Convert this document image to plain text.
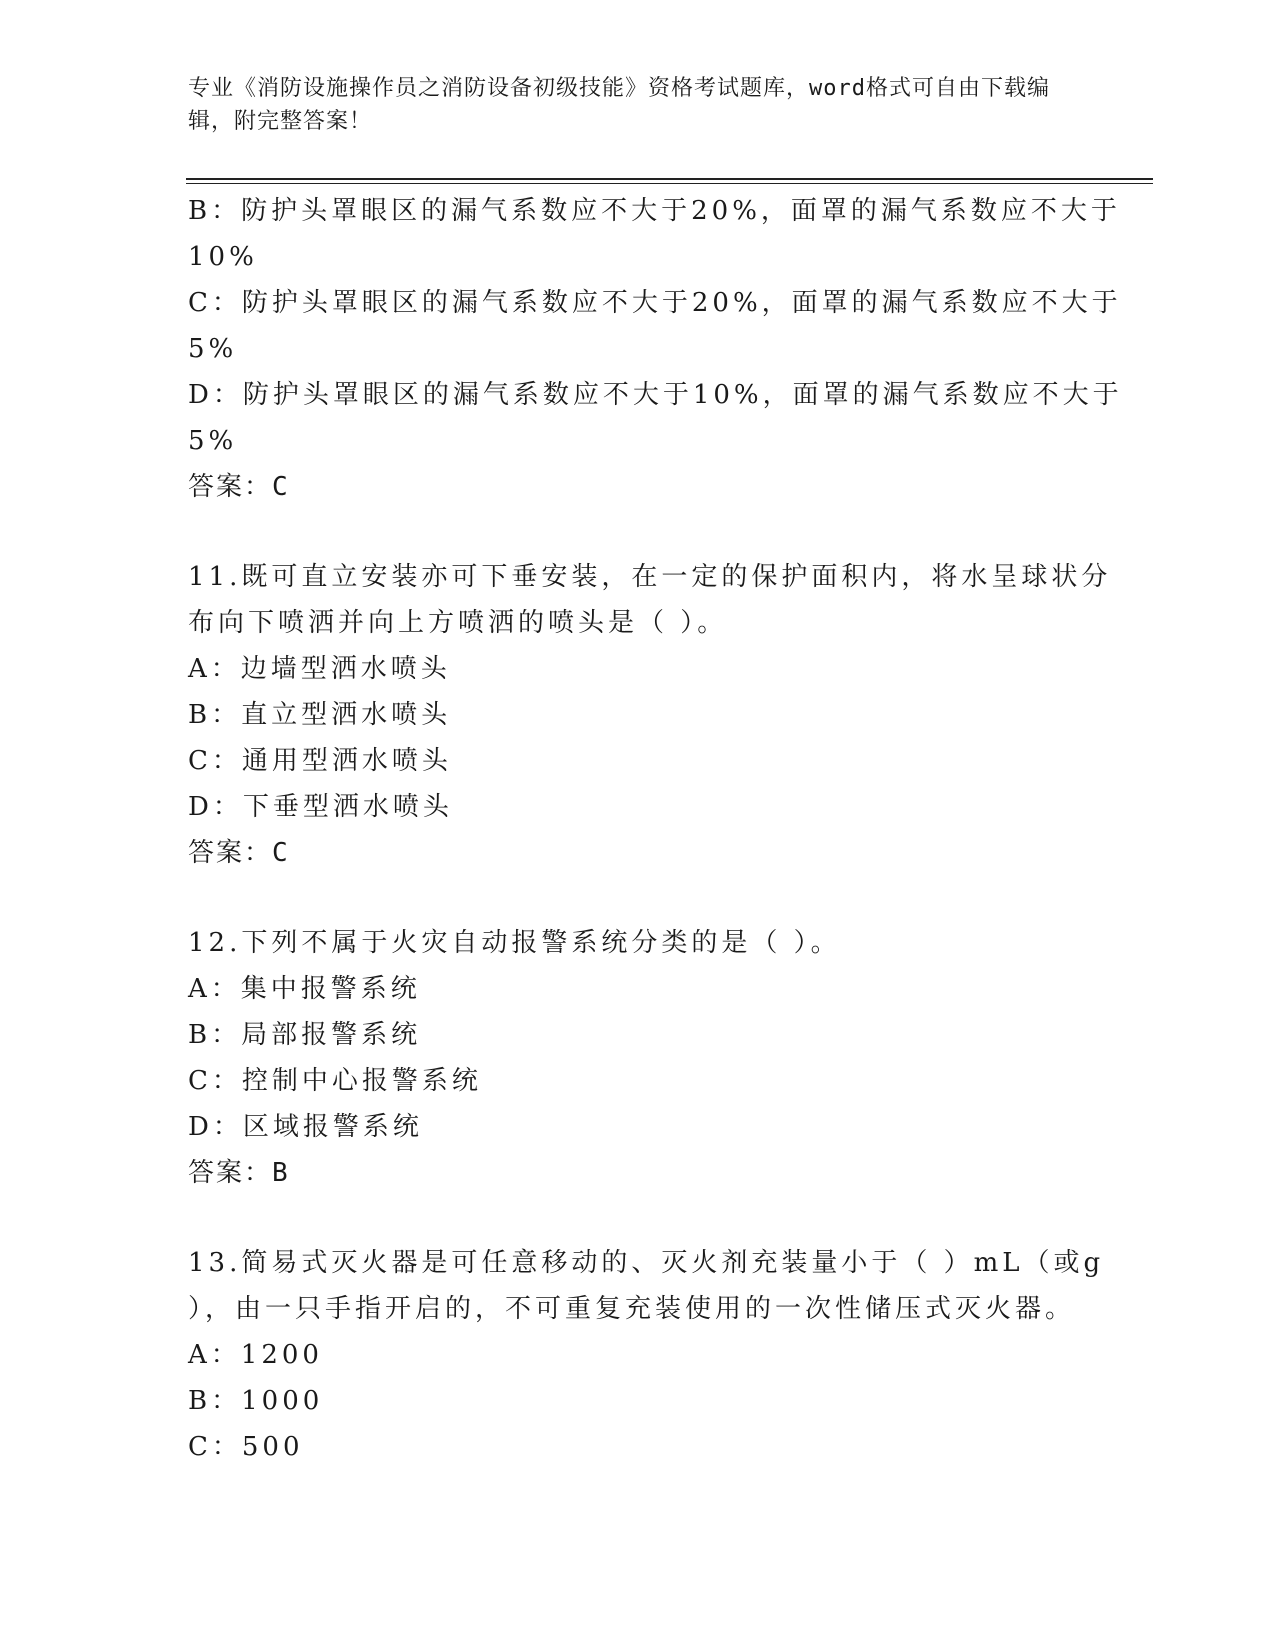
专业《消防设施操作员之消防设备初级技能》资格考试题库，word格式可自由下载编辑，附完整答案！
B：防护头罩眼区的漏气系数应不大于20%，面罩的漏气系数应不大于
10%
C：防护头罩眼区的漏气系数应不大于20%，面罩的漏气系数应不大于
5%
D：防护头罩眼区的漏气系数应不大于10%，面罩的漏气系数应不大于
5%
答案：C
11.既可直立安装亦可下垂安装，在一定的保护面积内，将水呈球状分
布向下喷洒并向上方喷洒的喷头是（ ）。
A：边墙型洒水喷头
B：直立型洒水喷头
C：通用型洒水喷头
D：下垂型洒水喷头
答案：C
12.下列不属于火灾自动报警系统分类的是（ ）。
A：集中报警系统
B：局部报警系统
C：控制中心报警系统
D：区域报警系统
答案：B
13.简易式灭火器是可任意移动的、灭火剂充装量小于（ ）mL（或g
），由一只手指开启的，不可重复充装使用的一次性储压式灭火器。
A：1200
B：1000
C：500
